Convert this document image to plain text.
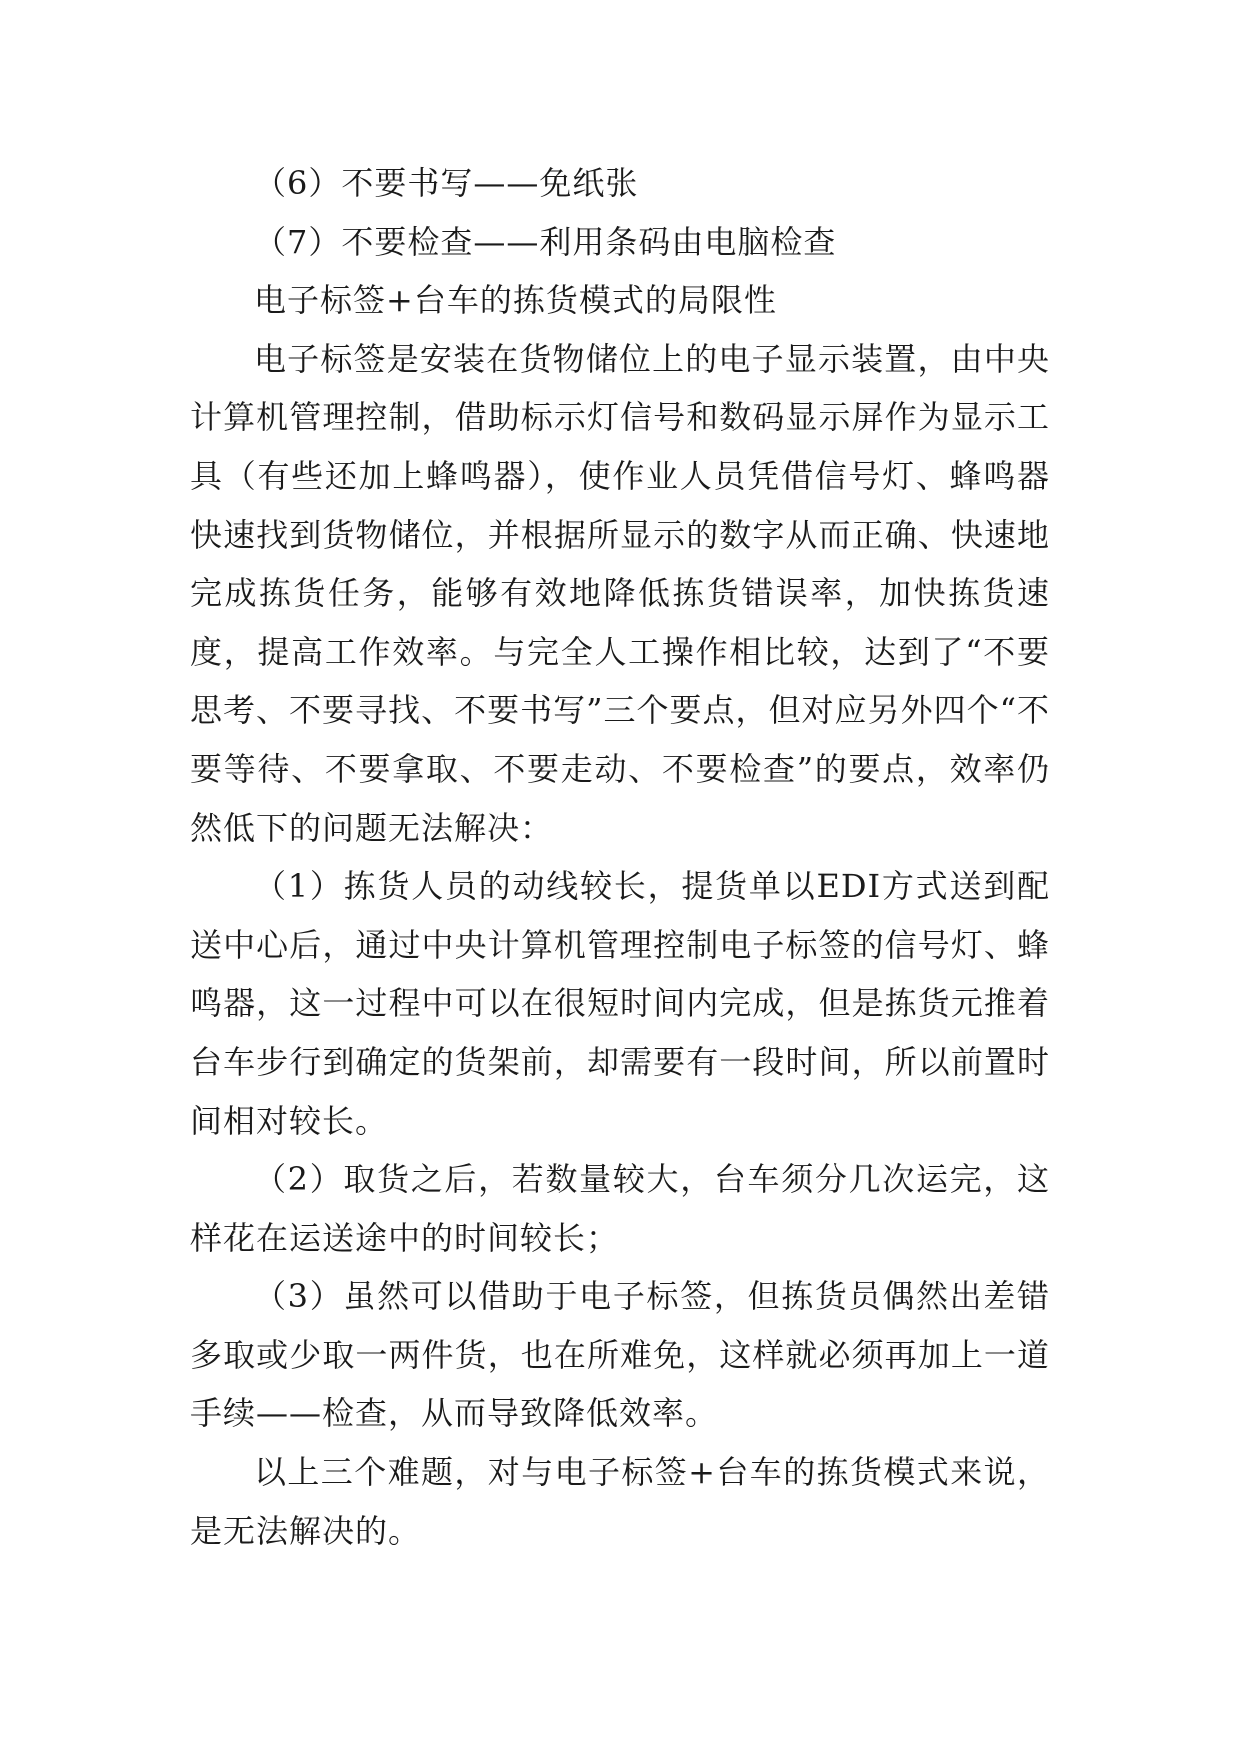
（6）不要书写——免纸张

（7）不要检查——利用条码由电脑检查

电子标签+台车的拣货模式的局限性

电子标签是安装在货物储位上的电子显示装置，由中央计算机管理控制，借助标示灯信号和数码显示屏作为显示工具（有些还加上蜂鸣器），使作业人员凭借信号灯、蜂鸣器快速找到货物储位，并根据所显示的数字从而正确、快速地完成拣货任务，能够有效地降低拣货错误率，加快拣货速度，提高工作效率。与完全人工操作相比较，达到了“不要思考、不要寻找、不要书写”三个要点，但对应另外四个“不要等待、不要拿取、不要走动、不要检查”的要点，效率仍然低下的问题无法解决：

（1）拣货人员的动线较长，提货单以EDI方式送到配送中心后，通过中央计算机管理控制电子标签的信号灯、蜂鸣器，这一过程中可以在很短时间内完成，但是拣货元推着台车步行到确定的货架前，却需要有一段时间，所以前置时间相对较长。

（2）取货之后，若数量较大，台车须分几次运完，这样花在运送途中的时间较长；

（3）虽然可以借助于电子标签，但拣货员偶然出差错多取或少取一两件货，也在所难免，这样就必须再加上一道手续——检查，从而导致降低效率。

以上三个难题，对与电子标签+台车的拣货模式来说，是无法解决的。
